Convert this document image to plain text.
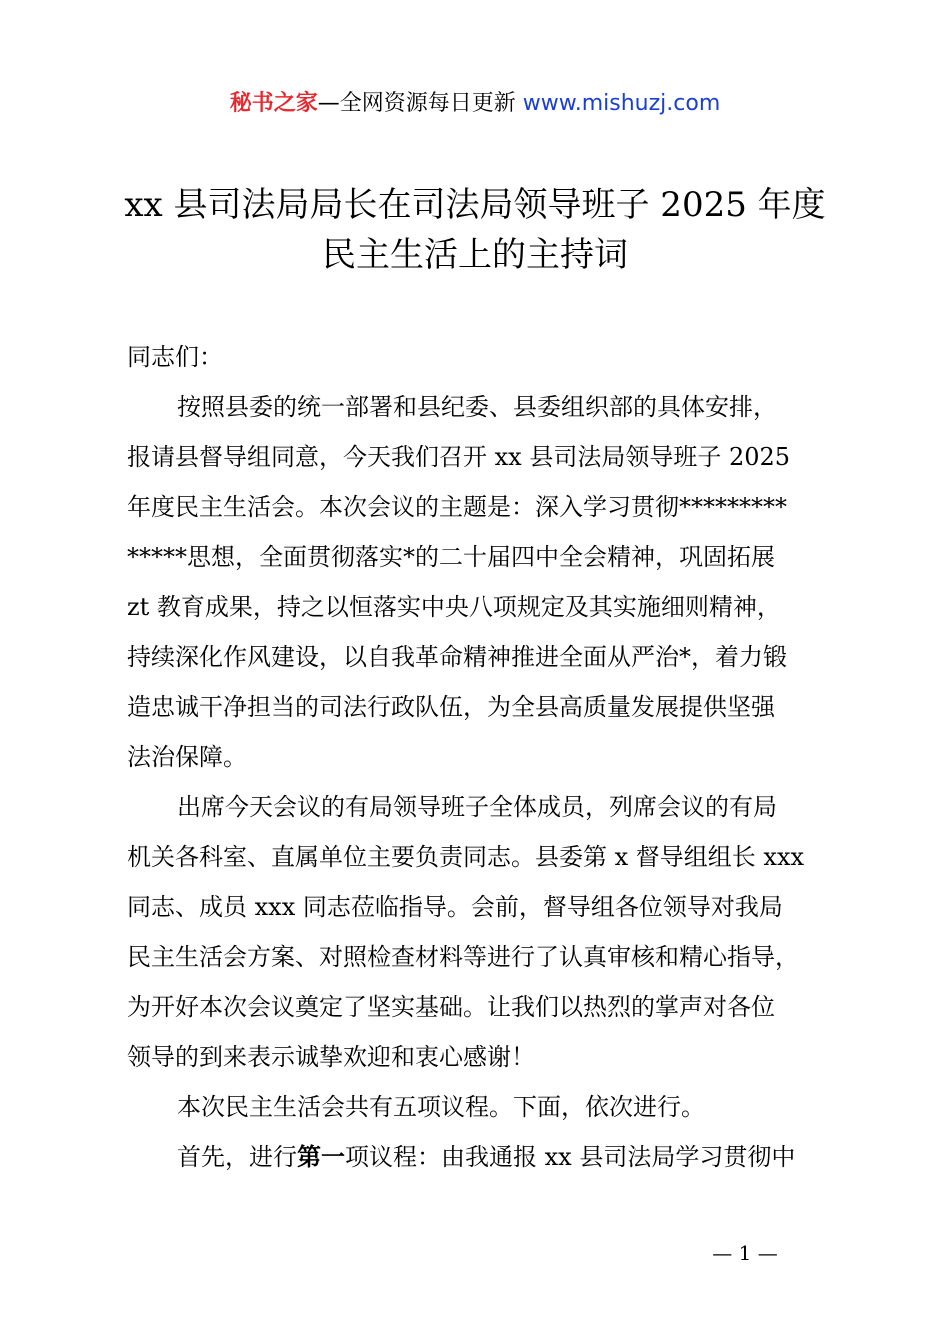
秘书之家—全网资源每日更新 www.mishuzj.com
xx 县司法局局长在司法局领导班子 2025 年度
民主生活上的主持词
同志们：
按照县委的统一部署和县纪委、县委组织部的具体安排，
报请县督导组同意，今天我们召开 xx 县司法局领导班子 2025
年度民主生活会。本次会议的主题是：深入学习贯彻*********
*****思想，全面贯彻落实*的二十届四中全会精神，巩固拓展
zt 教育成果，持之以恒落实中央八项规定及其实施细则精神，
持续深化作风建设，以自我革命精神推进全面从严治*，着力锻
造忠诚干净担当的司法行政队伍，为全县高质量发展提供坚强
法治保障。
出席今天会议的有局领导班子全体成员，列席会议的有局
机关各科室、直属单位主要负责同志。县委第 x 督导组组长 xxx
同志、成员 xxx 同志莅临指导。会前，督导组各位领导对我局
民主生活会方案、对照检查材料等进行了认真审核和精心指导，
为开好本次会议奠定了坚实基础。让我们以热烈的掌声对各位
领导的到来表示诚挚欢迎和衷心感谢！
本次民主生活会共有五项议程。下面，依次进行。
首先，进行第一项议程：由我通报 xx 县司法局学习贯彻中
— 1 —
